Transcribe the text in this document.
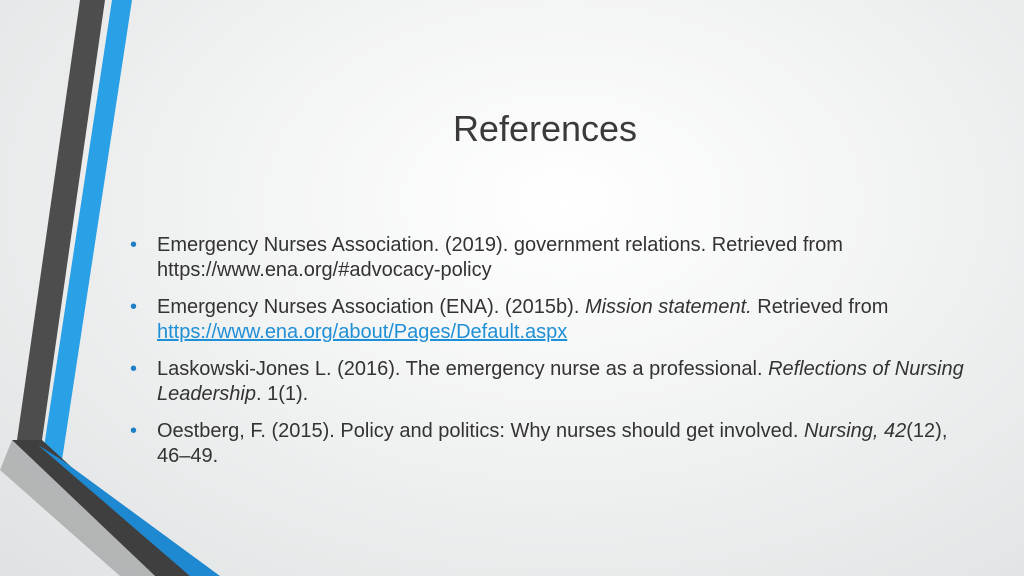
References
• Emergency Nurses Association. (2019). government relations. Retrieved from https://www.ena.org/#advocacy-policy
• Emergency Nurses Association (ENA). (2015b). Mission statement. Retrieved from https://www.ena.org/about/Pages/Default.aspx
• Laskowski-Jones L. (2016). The emergency nurse as a professional. Reflections of Nursing Leadership. 1(1).
• Oestberg, F. (2015). Policy and politics: Why nurses should get involved. Nursing, 42(12), 46–49.
